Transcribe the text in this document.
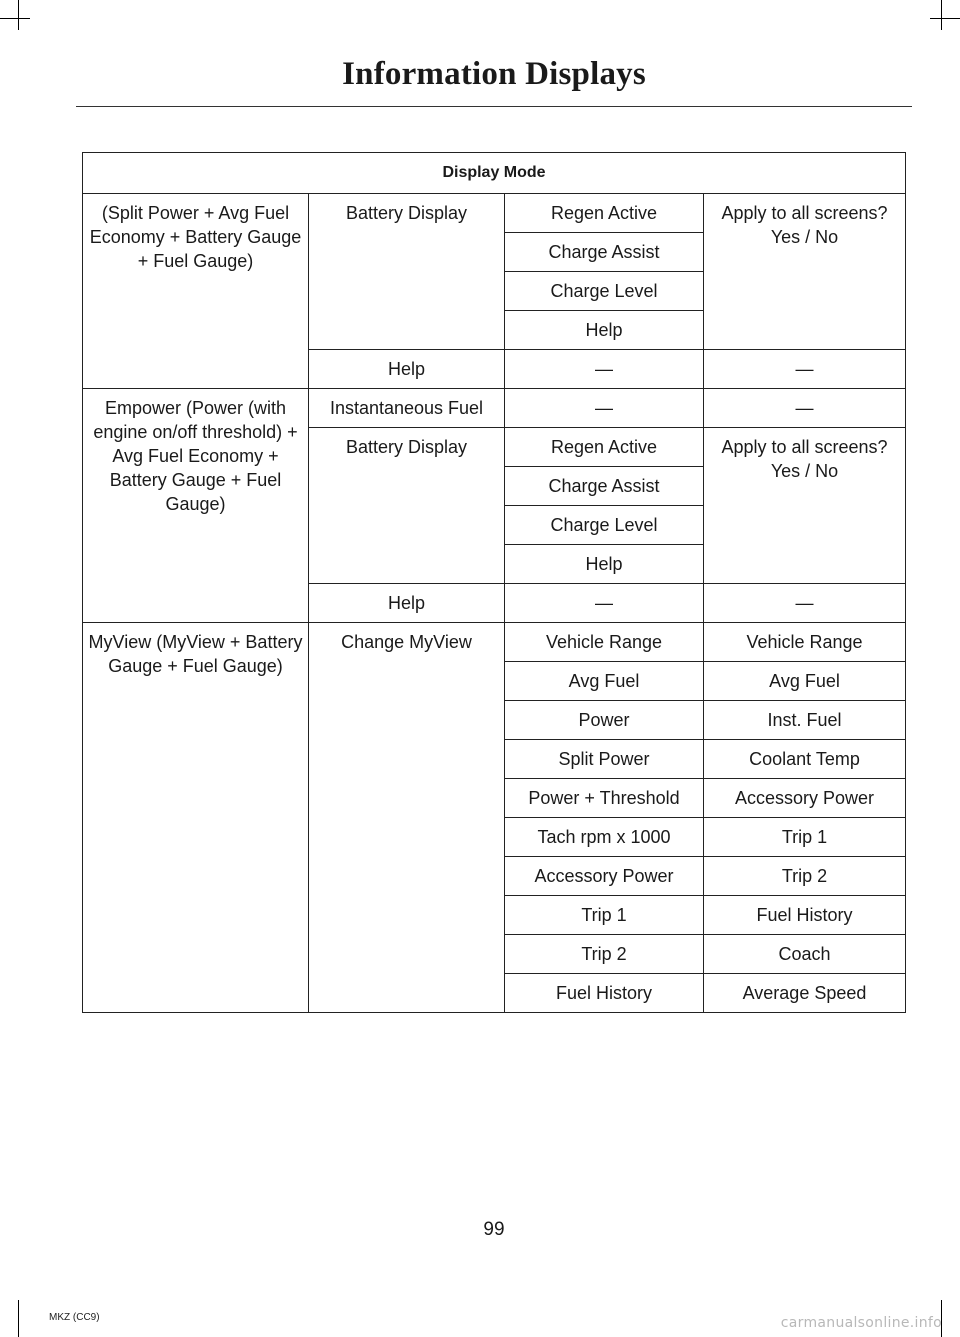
Information Displays
Display Mode			
(Split Power + Avg Fuel Economy + Battery Gauge + Fuel Gauge)	Battery Display	Regen Active	Apply to all screens? Yes / No
		Charge Assist	
		Charge Level	
		Help	
	Help	—	—
Empower (Power (with engine on/off threshold) + Avg Fuel Economy + Battery Gauge + Fuel Gauge)	Instantaneous Fuel	—	—
	Battery Display	Regen Active	Apply to all screens? Yes / No
		Charge Assist	
		Charge Level	
		Help	
	Help	—	—
MyView (MyView + Battery Gauge + Fuel Gauge)	Change MyView	Vehicle Range	Vehicle Range
		Avg Fuel	Avg Fuel
		Power	Inst. Fuel
		Split Power	Coolant Temp
		Power + Threshold	Accessory Power
		Tach rpm x 1000	Trip 1
		Accessory Power	Trip 2
		Trip 1	Fuel History
		Trip 2	Coach
		Fuel History	Average Speed
99
MKZ (CC9)	carmanualsonline.info
